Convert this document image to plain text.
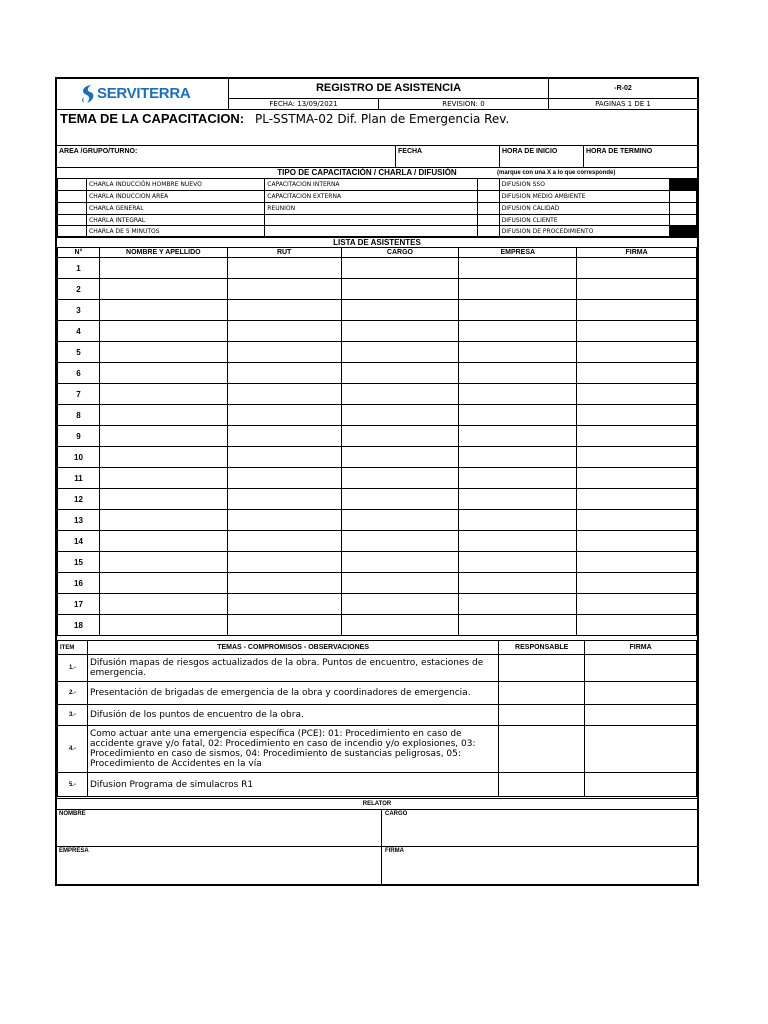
SERVITERRA	REGISTRO DE ASISTENCIA	-R-02
FECHA: 13/09/2021	REVISION: 0	PAGINAS 1 DE 1
TEMA DE LA CAPACITACION: PL-SSTMA-02 Dif. Plan de Emergencia Rev.
AREA /GRUPO/TURNO:	FECHA	HORA DE INICIO	HORA DE TERMINO
TIPO DE CAPACITACIÓN / CHARLA / DIFUSIÓN	(marque con una X a lo que corresponde)
	CHARLA INDUCCIÓN HOMBRE NUEVO	CAPACITACION INTERNA		DIFUSION SSO	
	CHARLA INDUCCION AREA	CAPACITACION EXTERNA		DIFUSION MEDIO AMBIENTE	
	CHARLA GENERAL	REUNION		DIFUSION CALIDAD	
	CHARLA INTEGRAL			DIFUSION CLIENTE	
	CHARLA DE 5 MINUTOS			DIFUSION DE PROCEDIMIENTO	
LISTA DE ASISTENTES
N°	NOMBRE Y APELLIDO	RUT	CARGO	EMPRESA	FIRMA
1					
2					
3					
4					
5					
6					
7					
8					
9					
10					
11					
12					
13					
14					
15					
16					
17					
18					
ITEM	TEMAS - COMPROMISOS - OBSERVACIONES	RESPONSABLE	FIRMA
1.-	Difusión mapas de riesgos actualizados de la obra. Puntos de encuentro, estaciones de emergencia.		
2.-	Presentación de brigadas de emergencia de la obra y coordinadores de emergencia.		
3.-	Difusión de los puntos de encuentro de la obra.		
4.-	Como actuar ante una emergencia específica (PCE): 01: Procedimiento en caso de accidente grave y/o fatal, 02: Procedimiento en caso de incendio y/o explosiones, 03: Procedimiento en caso de sismos, 04: Procedimiento de sustancias peligrosas, 05: Procedimiento de Accidentes en la vía		
5.-	Difusion Programa de simulacros R1		
RELATOR
NOMBRE	CARGO
EMPRESA	FIRMA
